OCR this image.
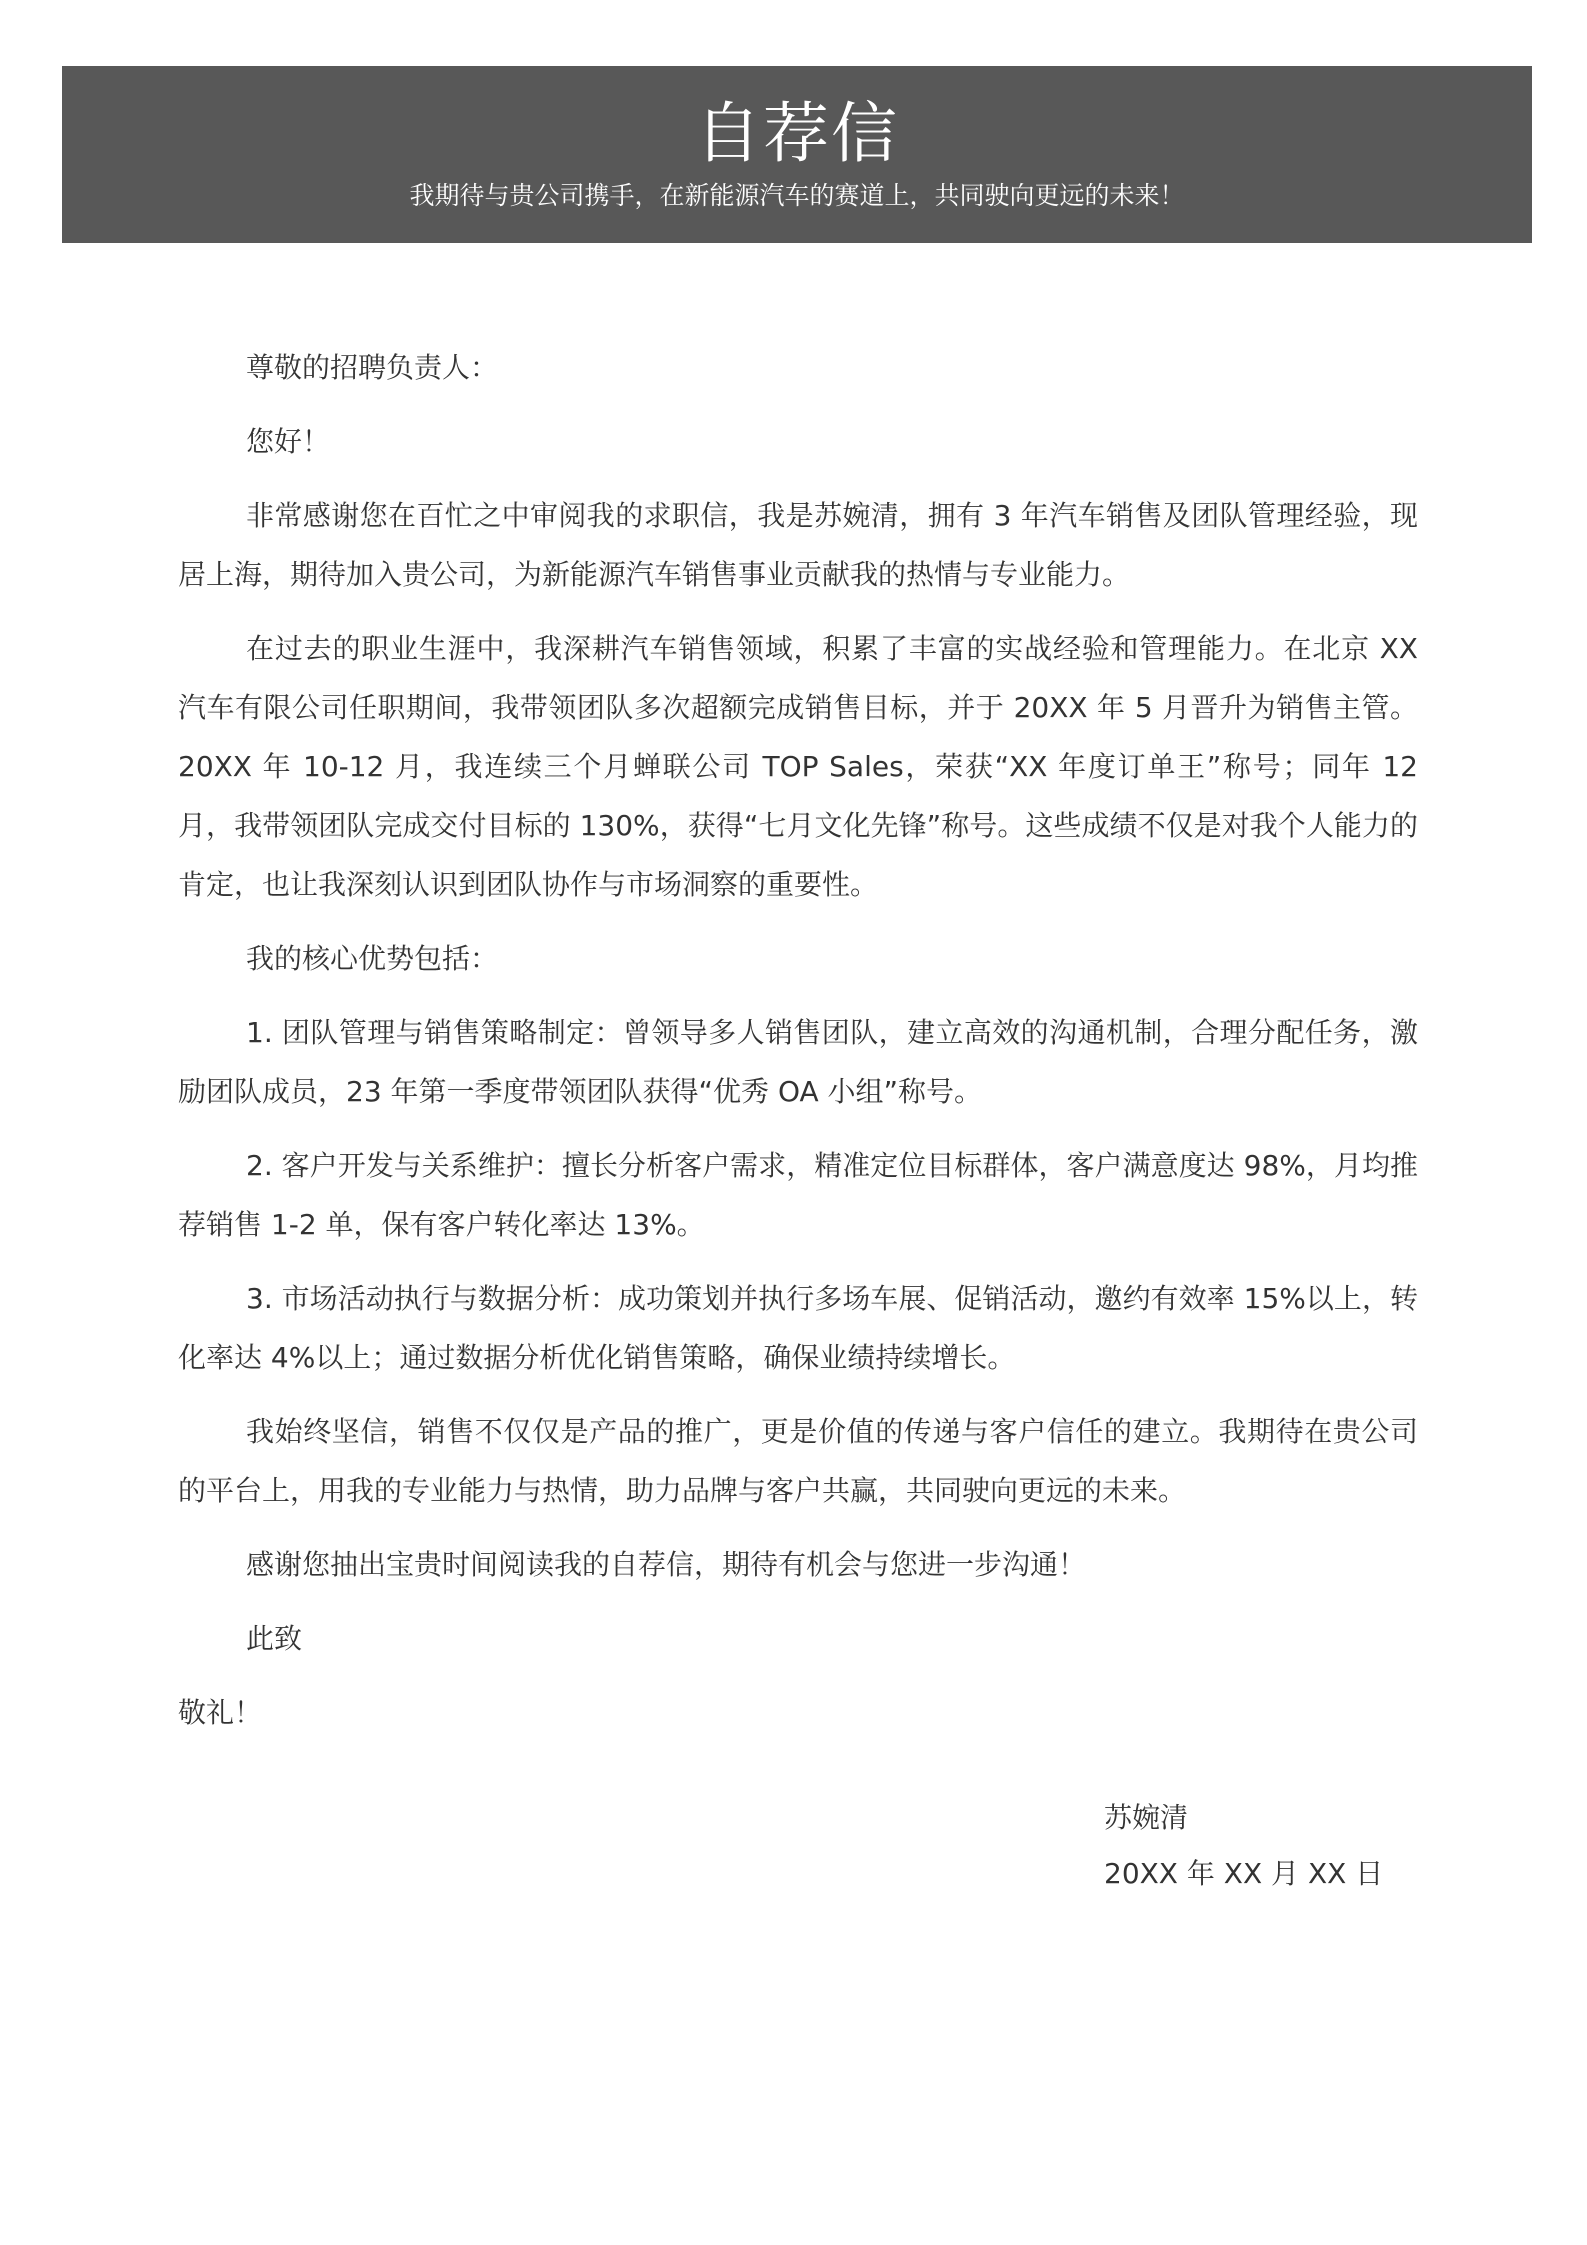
自荐信
我期待与贵公司携手，在新能源汽车的赛道上，共同驶向更远的未来！

尊敬的招聘负责人：

您好！

非常感谢您在百忙之中审阅我的求职信，我是苏婉清，拥有 3 年汽车销售及团队管理经验，现居上海，期待加入贵公司，为新能源汽车销售事业贡献我的热情与专业能力。

在过去的职业生涯中，我深耕汽车销售领域，积累了丰富的实战经验和管理能力。在北京 XX 汽车有限公司任职期间，我带领团队多次超额完成销售目标，并于 20XX 年 5 月晋升为销售主管。20XX 年 10-12 月，我连续三个月蝉联公司 TOP Sales，荣获“XX 年度订单王”称号；同年 12 月，我带领团队完成交付目标的 130%，获得“七月文化先锋”称号。这些成绩不仅是对我个人能力的肯定，也让我深刻认识到团队协作与市场洞察的重要性。

我的核心优势包括：

1. 团队管理与销售策略制定：曾领导多人销售团队，建立高效的沟通机制，合理分配任务，激励团队成员，23 年第一季度带领团队获得“优秀 OA 小组”称号。

2. 客户开发与关系维护：擅长分析客户需求，精准定位目标群体，客户满意度达 98%，月均推荐销售 1-2 单，保有客户转化率达 13%。

3. 市场活动执行与数据分析：成功策划并执行多场车展、促销活动，邀约有效率 15%以上，转化率达 4%以上；通过数据分析优化销售策略，确保业绩持续增长。

我始终坚信，销售不仅仅是产品的推广，更是价值的传递与客户信任的建立。我期待在贵公司的平台上，用我的专业能力与热情，助力品牌与客户共赢，共同驶向更远的未来。

感谢您抽出宝贵时间阅读我的自荐信，期待有机会与您进一步沟通！

此致

敬礼！

苏婉清
20XX 年 XX 月 XX 日
